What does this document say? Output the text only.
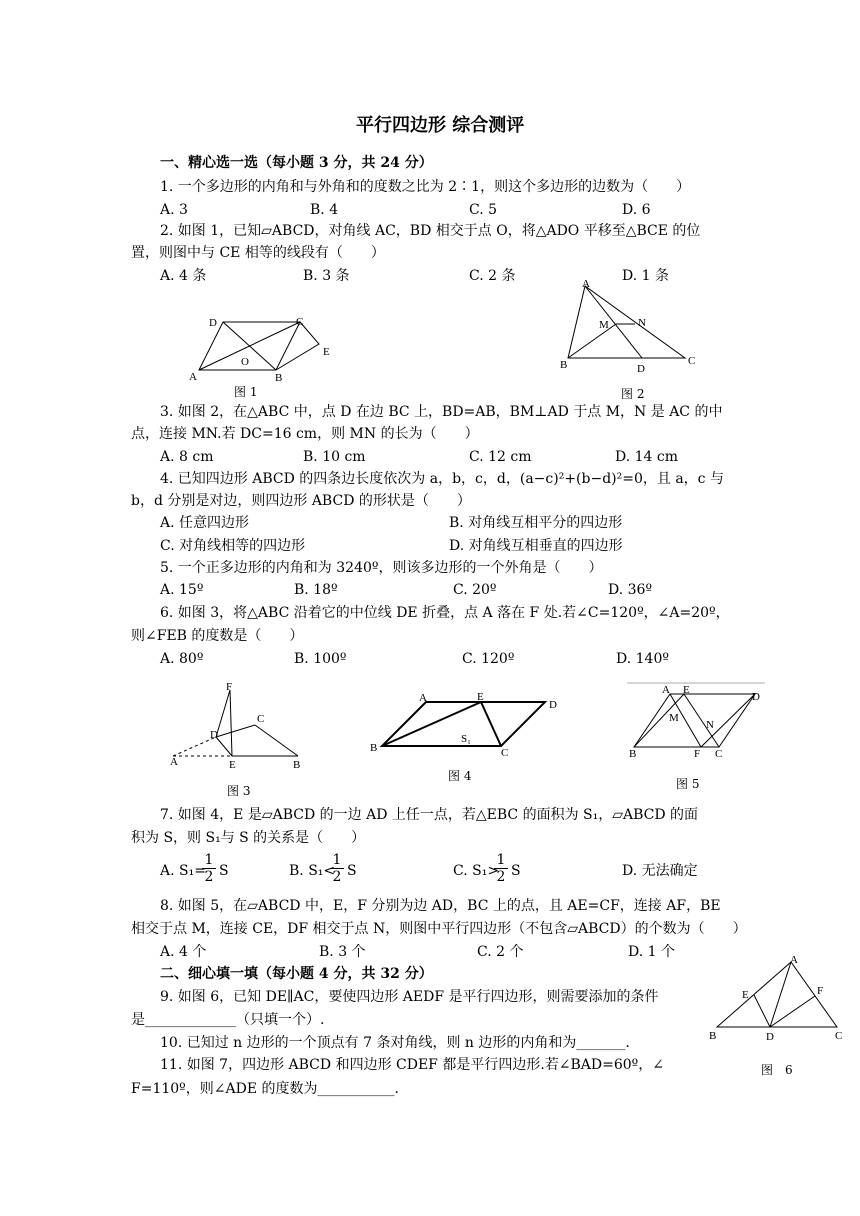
平行四边形 综合测评
一、精心选一选（每小题 3 分，共 24 分）
1. 一个多边形的内角和与外角和的度数之比为 2∶1，则这个多边形的边数为（　　）
A. 3	B. 4	C. 5	D. 6
2. 如图 1，已知▱ABCD，对角线 AC，BD 相交于点 O，将△ADO 平移至△BCE 的位
置，则图中与 CE 相等的线段有（　　）
A. 4 条	B. 3 条	C. 2 条	D. 1 条
A	B
C
D
O
E
图 1
A
B	C
D
M	N
图 2
3. 如图 2，在△ABC 中，点 D 在边 BC 上，BD=AB，BM⊥AD 于点 M，N 是 AC 的中
点，连接 MN.若 DC=16 cm，则 MN 的长为（　　）
A. 8 cm	B. 10 cm	C. 12 cm	D. 14 cm
4. 已知四边形 ABCD 的四条边长度依次为 a，b，c，d，(a−c)²+(b−d)²=0，且 a，c 与
b，d 分别是对边，则四边形 ABCD 的形状是（　　）
A. 任意四边形	B. 对角线互相平分的四边形
C. 对角线相等的四边形	D. 对角线互相垂直的四边形
5. 一个正多边形的内角和为 3240º，则该多边形的一个外角是（　　）
A. 15º	B. 18º	C. 20º	D. 36º
6. 如图 3，将△ABC 沿着它的中位线 DE 折叠，点 A 落在 F 处.若∠C=120º，∠A=20º，
则∠FEB 的度数是（　　）
A. 80º	B. 100º	C. 120º	D. 140º
F
C
D
A	E	B
图 3
A	E
D
B	C
S₁
图 4
A E
D
M
N
B	F C
图 5
7. 如图 4，E 是▱ABCD 的一边 AD 上任一点，若△EBC 的面积为 S₁，▱ABCD 的面
积为 S，则 S₁与 S 的关系是（　　）
A. S₁=
$\frac{1}{2}$ S	B. S₁<
$\frac{1}{2}$ S	C. S₁>
$\frac{1}{2}$ S	D. 无法确定
8. 如图 5，在▱ABCD 中，E，F 分别为边 AD，BC 上的点，且 AE=CF，连接 AF，BE
相交于点 M，连接 CE，DF 相交于点 N，则图中平行四边形（不包含▱ABCD）的个数为（　　）
A. 4 个	B. 3 个	C. 2 个	D. 1 个
二、细心填一填（每小题 4 分，共 32 分）
9. 如图 6，已知 DE∥AC，要使四边形 AEDF 是平行四边形，则需要添加的条件
是_____________（只填一个）.
10. 已知过 n 边形的一个顶点有 7 条对角线，则 n 边形的内角和为_______.
11. 如图 7，四边形 ABCD 和四边形 CDEF 都是平行四边形.若∠BAD=60º，∠
F=110º，则∠ADE 的度数为___________.
A
E	F
B	D	C
图　6
